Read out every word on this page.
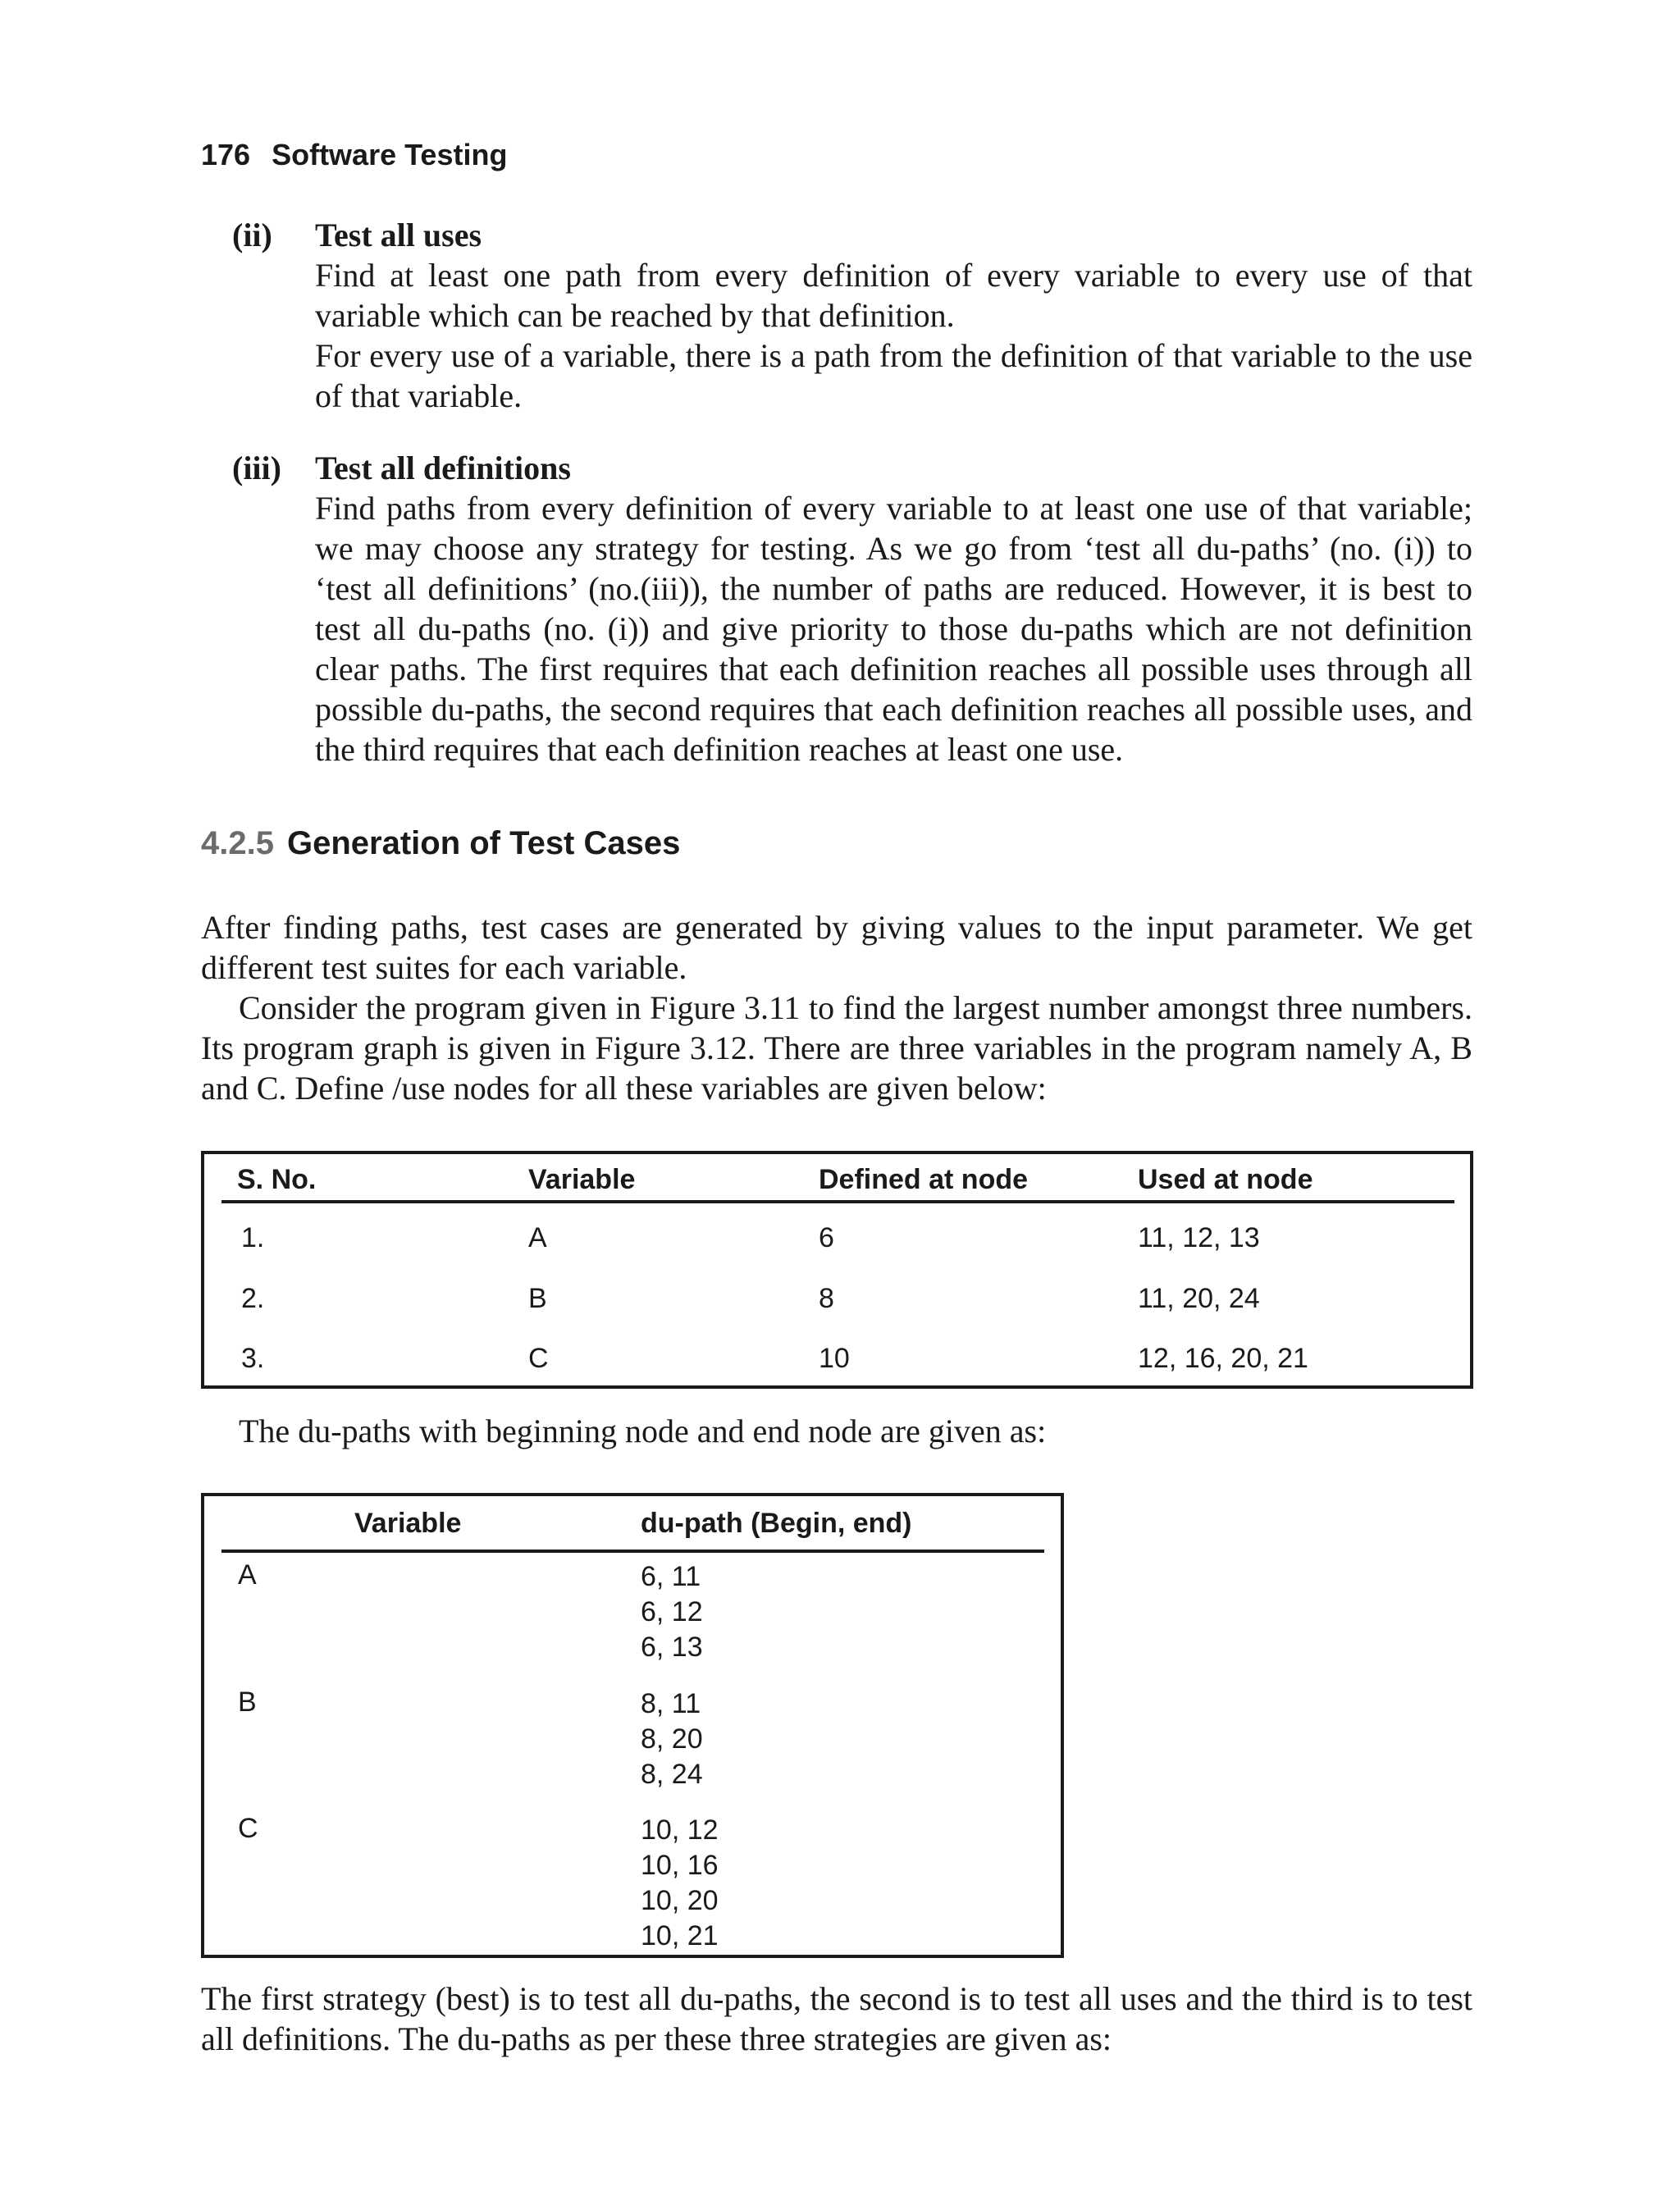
176 Software Testing
(ii) Test all uses
Find at least one path from every definition of every variable to every use of that variable which can be reached by that definition.
For every use of a variable, there is a path from the definition of that variable to the use of that variable.
(iii) Test all definitions
Find paths from every definition of every variable to at least one use of that variable; we may choose any strategy for testing. As we go from ‘test all du-paths’ (no. (i)) to ‘test all definitions’ (no.(iii)), the number of paths are reduced. However, it is best to test all du-paths (no. (i)) and give priority to those du-paths which are not definition clear paths. The first requires that each definition reaches all possible uses through all possible du-paths, the second requires that each definition reaches all possible uses, and the third requires that each definition reaches at least one use.
4.2.5 Generation of Test Cases

After finding paths, test cases are generated by giving values to the input parameter. We get different test suites for each variable.

Consider the program given in Figure 3.11 to find the largest number amongst three numbers. Its program graph is given in Figure 3.12. There are three variables in the program namely A, B and C. Define /use nodes for all these variables are given below:

S. No.	Variable	Defined at node	Used at node
1.	A	6	11, 12, 13
2.	B	8	11, 20, 24
3.	C	10	12, 16, 20, 21

The du-paths with beginning node and end node are given as:

Variable	du-path (Begin, end)
A	6, 11
6, 12
6, 13
B	8, 11
8, 20
8, 24
C	10, 12
10, 16
10, 20
10, 21

The first strategy (best) is to test all du-paths, the second is to test all uses and the third is to test all definitions. The du-paths as per these three strategies are given as:
